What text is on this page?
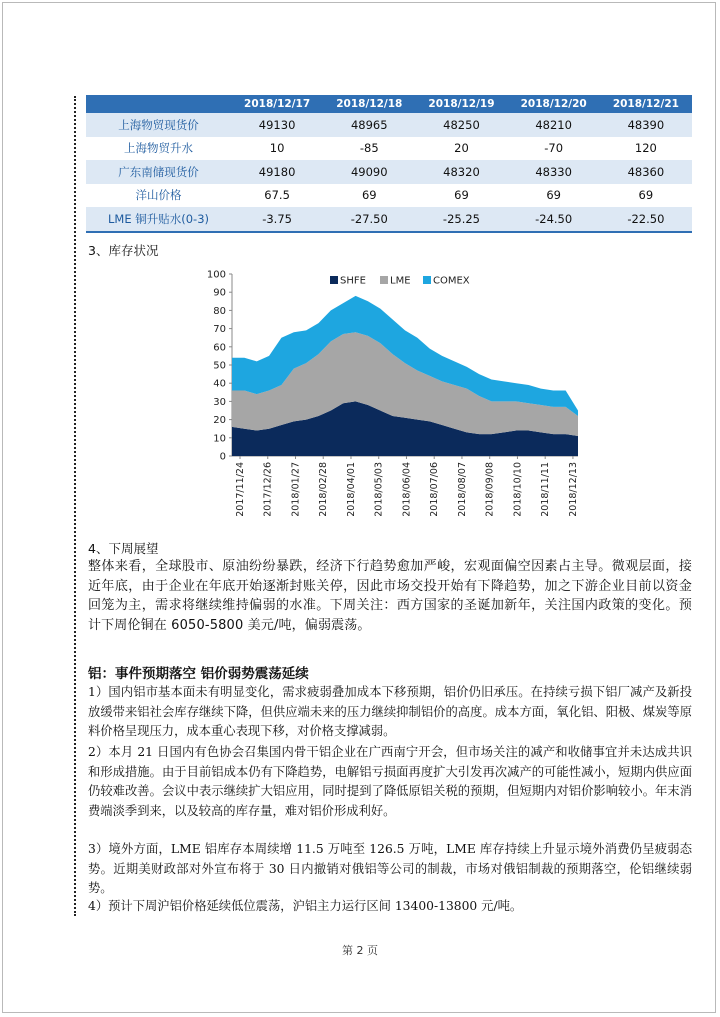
	2018/12/17	2018/12/18	2018/12/19	2018/12/20	2018/12/21
上海物贸现货价	49130	48965	48250	48210	48390
上海物贸升水	10	-85	20	-70	120
广东南储现货价	49180	49090	48320	48330	48360
洋山价格	67.5	69	69	69	69
LME 铜升贴水(0-3)	-3.75	-27.50	-25.25	-24.50	-22.50
3、库存状况
0
10
20
30
40
50
60
70
80
90
100
2017/11/24 2017/12/26 2018/01/27 2018/02/28 2018/04/01 2018/05/03 2018/06/04 2018/07/06 2018/08/07 2018/09/08 2018/10/10 2018/11/11 2018/12/13
SHFE LME COMEX
4、下周展望
整体来看，全球股市、原油纷纷暴跌，经济下行趋势愈加严峻，宏观面偏空因素占主导。微观层面，接近年底，由于企业在年底开始逐渐封账关停，因此市场交投开始有下降趋势，加之下游企业目前以资金回笼为主，需求将继续维持偏弱的水准。下周关注：西方国家的圣诞加新年，关注国内政策的变化。预计下周伦铜在 6050-5800 美元/吨，偏弱震荡。
铝：事件预期落空 铝价弱势震荡延续
1）国内铝市基本面未有明显变化，需求疲弱叠加成本下移预期，铝价仍旧承压。在持续亏损下铝厂减产及新投放缓带来铝社会库存继续下降，但供应端未来的压力继续抑制铝价的高度。成本方面，氧化铝、阳极、煤炭等原料价格呈现压力，成本重心表现下移，对价格支撑减弱。
2）本月 21 日国内有色协会召集国内骨干铝企业在广西南宁开会，但市场关注的减产和收储事宜并未达成共识和形成措施。由于目前铝成本仍有下降趋势，电解铝亏损面再度扩大引发再次减产的可能性减小，短期内供应面仍较难改善。会议中表示继续扩大铝应用，同时提到了降低原铝关税的预期，但短期内对铝价影响较小。年末消费端淡季到来，以及较高的库存量，难对铝价形成利好。
3）境外方面，LME 铝库存本周续增 11.5 万吨至 126.5 万吨，LME 库存持续上升显示境外消费仍呈疲弱态势。近期美财政部对外宣布将于 30 日内撤销对俄铝等公司的制裁，市场对俄铝制裁的预期落空，伦铝继续弱势。
4）预计下周沪铝价格延续低位震荡，沪铝主力运行区间 13400-13800 元/吨。
第 2 页
